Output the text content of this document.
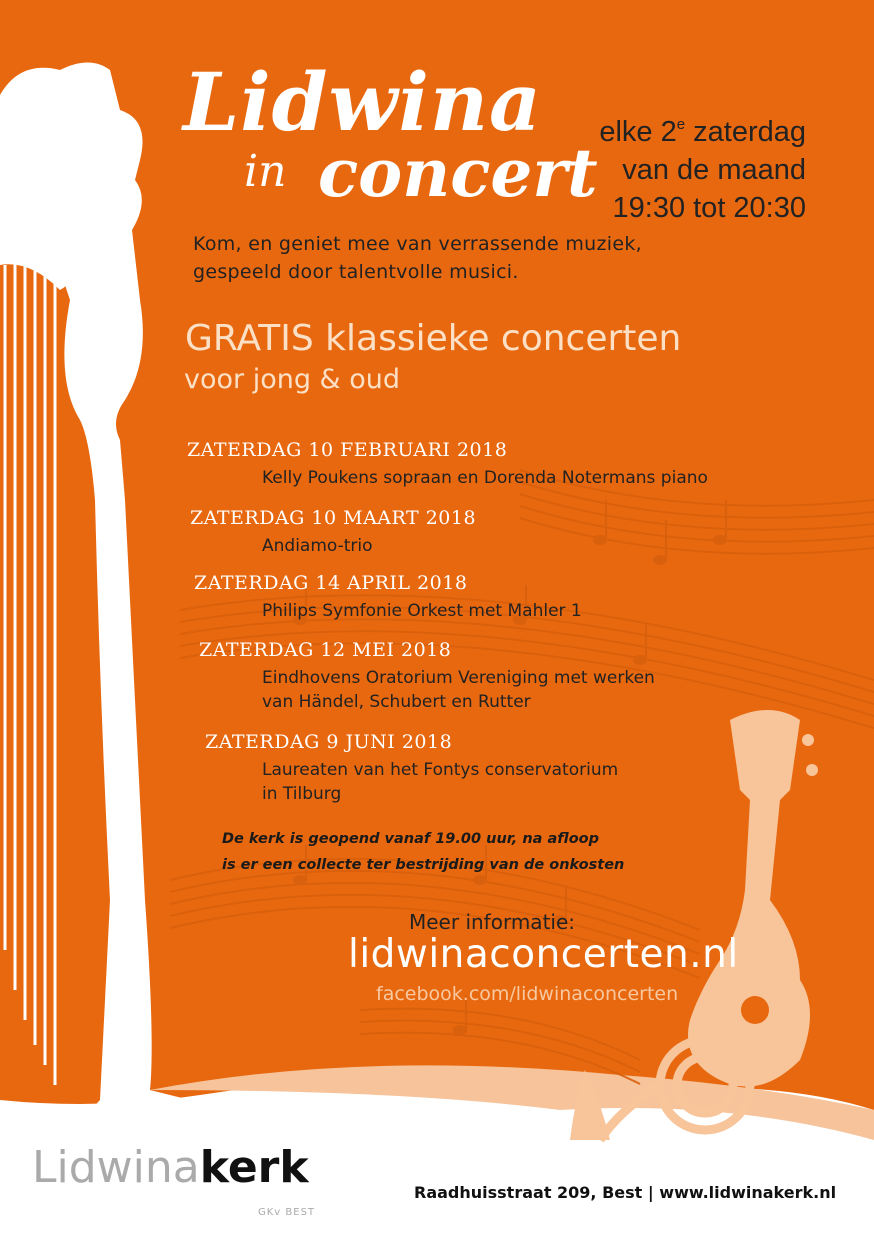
Lidwina
in concert
elke 2e zaterdag
van de maand
19:30 tot 20:30
Kom, en geniet mee van verrassende muziek,
gespeeld door talentvolle musici.
GRATIS klassieke concerten
voor jong & oud
ZATERDAG 10 FEBRUARI 2018
Kelly Poukens sopraan en Dorenda Notermans piano
ZATERDAG 10 MAART 2018
Andiamo-trio
ZATERDAG 14 APRIL 2018
Philips Symfonie Orkest met Mahler 1
ZATERDAG 12 MEI 2018
Eindhovens Oratorium Vereniging met werken
van Händel, Schubert en Rutter
ZATERDAG 9 JUNI 2018
Laureaten van het Fontys conservatorium
in Tilburg
De kerk is geopend vanaf 19.00 uur, na afloop
is er een collecte ter bestrijding van de onkosten
Meer informatie:
lidwinaconcerten.nl
facebook.com/lidwinaconcerten
Lidwinakerk
GKv BEST
Raadhuisstraat 209, Best | www.lidwinakerk.nl
